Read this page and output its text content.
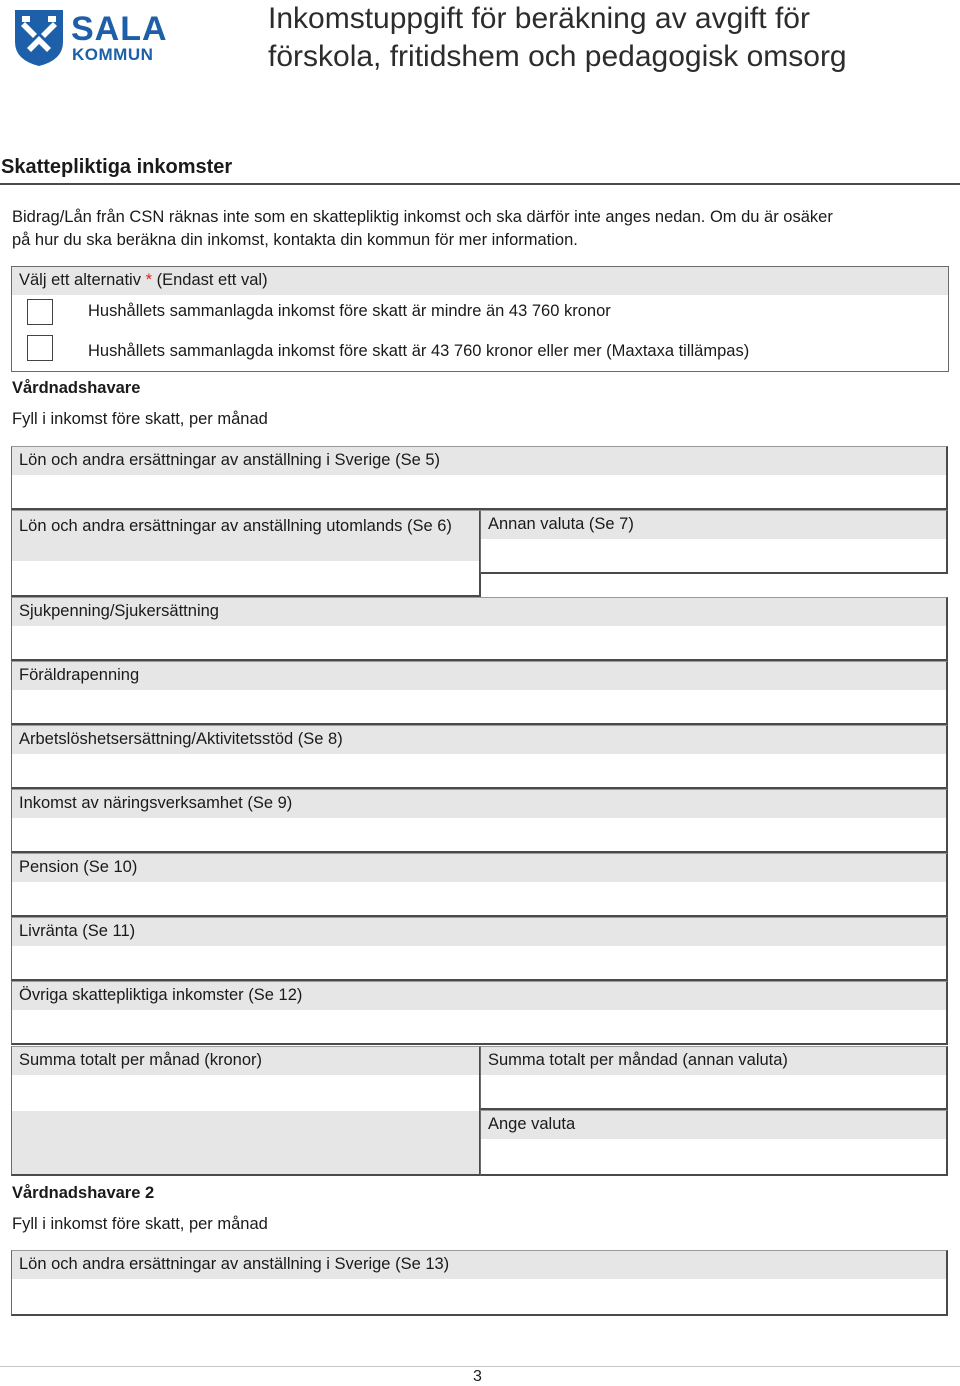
SALA
KOMMUN
Inkomstuppgift för beräkning av avgift för
förskola, fritidshem och pedagogisk omsorg
Skattepliktiga inkomster
Bidrag/Lån från CSN räknas inte som en skattepliktig inkomst och ska därför inte anges nedan. Om du är osäker
på hur du ska beräkna din inkomst, kontakta din kommun för mer information.
Välj ett alternativ * (Endast ett val)
Hushållets sammanlagda inkomst före skatt är mindre än 43 760 kronor
Hushållets sammanlagda inkomst före skatt är 43 760 kronor eller mer (Maxtaxa tillämpas)
Vårdnadshavare
Fyll i inkomst före skatt, per månad
Lön och andra ersättningar av anställning i Sverige (Se 5)
Lön och andra ersättningar av anställning utomlands (Se 6)	Annan valuta (Se 7)
Sjukpenning/Sjukersättning
Föräldrapenning
Arbetslöshetsersättning/Aktivitetsstöd (Se 8)
Inkomst av näringsverksamhet (Se 9)
Pension (Se 10)
Livränta (Se 11)
Övriga skattepliktiga inkomster (Se 12)
Summa totalt per månad (kronor)	Summa totalt per måndad (annan valuta)
Ange valuta
Vårdnadshavare 2
Fyll i inkomst före skatt, per månad
Lön och andra ersättningar av anställning i Sverige (Se 13)
3
